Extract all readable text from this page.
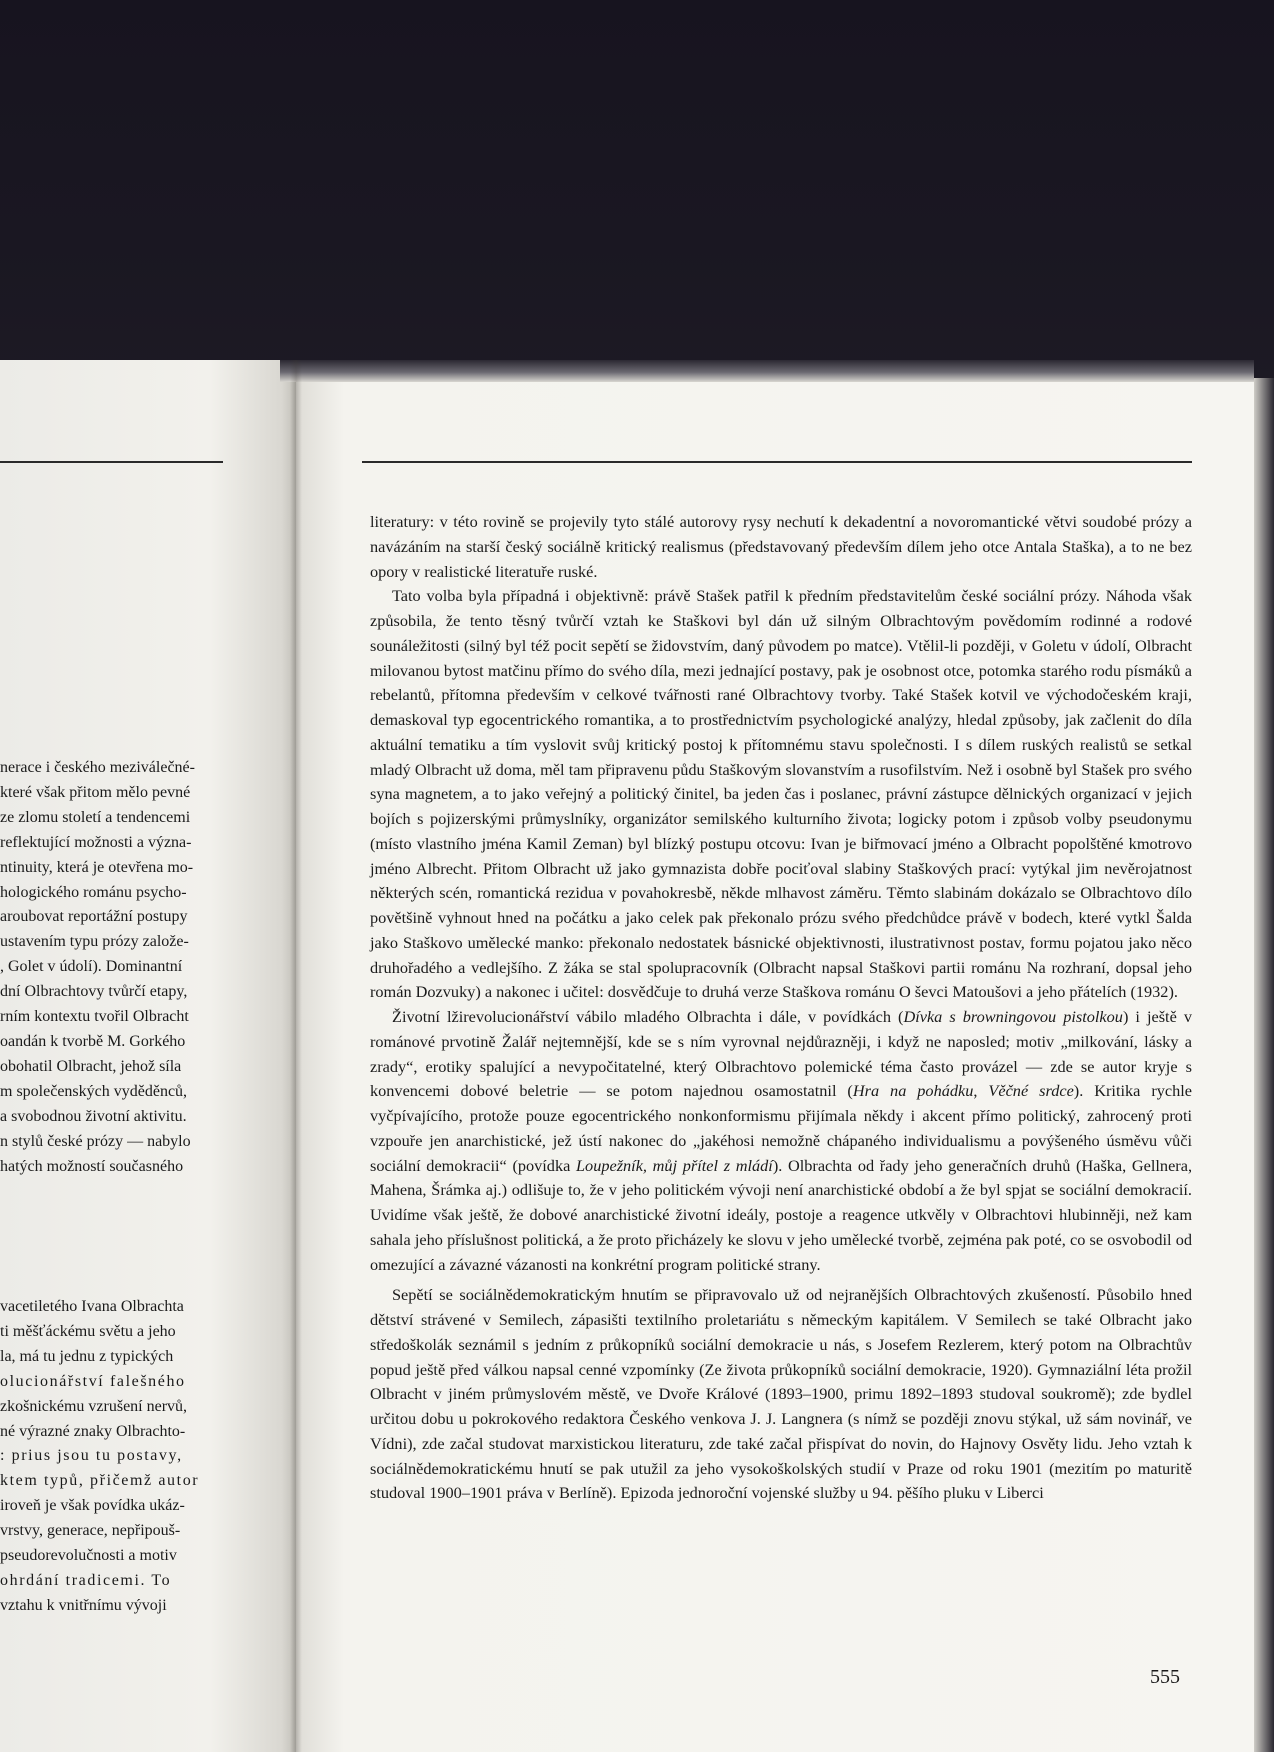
nerace i českého meziválečné-
které však přitom mělo pevné
ze zlomu století a tendencemi
reflektující možnosti a význa-
ntinuity, která je otevřena mo-
hologického románu psycho-
aroubovat reportážní postupy
ustavením typu prózy založe-
, Golet v údolí). Dominantní
dní Olbrachtovy tvůrčí etapy,
rním kontextu tvořil Olbracht
oandán k tvorbě M. Gorkého
obohatil Olbracht, jehož síla
m společenských vyděděnců,
a svobodnou životní aktivitu.
n stylů české prózy — nabylo
hatých možností současného
vacetiletého Ivana Olbrachta
ti měšťáckému světu a jeho
la, má tu jednu z typických
olucionářství falešného
zkošnickému vzrušení nervů,
né výrazné znaky Olbrachto-
: prius jsou tu postavy,
ktem typů, přičemž autor
iroveň je však povídka ukáz-
vrstvy, generace, nepřipouš-
pseudorevolučnosti a motiv
ohrdání tradicemi. To
vztahu k vnitřnímu vývoji

literatury: v této rovině se projevily tyto stálé autorovy rysy nechutí k dekadentní a novoromantické větvi soudobé prózy a navázáním na starší český sociálně kritický realismus (představovaný především dílem jeho otce Antala Staška), a to ne bez opory v realistické literatuře ruské.

Tato volba byla případná i objektivně: právě Stašek patřil k předním představitelům české sociální prózy. Náhoda však způsobila, že tento těsný tvůrčí vztah ke Staškovi byl dán už silným Olbrachtovým povědomím rodinné a rodové sounáležitosti (silný byl též pocit sepětí se židovstvím, daný původem po matce). Vtělil-li později, v Goletu v údolí, Olbracht milovanou bytost matčinu přímo do svého díla, mezi jednající postavy, pak je osobnost otce, potomka starého rodu písmáků a rebelantů, přítomna především v celkové tvářnosti rané Olbrachtovy tvorby. Také Stašek kotvil ve východočeském kraji, demaskoval typ egocentrického romantika, a to prostřednictvím psychologické analýzy, hledal způsoby, jak začlenit do díla aktuální tematiku a tím vyslovit svůj kritický postoj k přítomnému stavu společnosti. I s dílem ruských realistů se setkal mladý Olbracht už doma, měl tam připravenu půdu Staškovým slovanstvím a rusofilstvím. Než i osobně byl Stašek pro svého syna magnetem, a to jako veřejný a politický činitel, ba jeden čas i poslanec, právní zástupce dělnických organizací v jejich bojích s pojizerskými průmyslníky, organizátor semilského kulturního života; logicky potom i způsob volby pseudonymu (místo vlastního jména Kamil Zeman) byl blízký postupu otcovu: Ivan je biřmovací jméno a Olbracht popolštěné kmotrovo jméno Albrecht. Přitom Olbracht už jako gymnazista dobře pociťoval slabiny Staškových prací: vytýkal jim nevěrojatnost některých scén, romantická rezidua v povahokresbě, někde mlhavost záměru. Těmto slabinám dokázalo se Olbrachtovo dílo povětšině vyhnout hned na počátku a jako celek pak překonalo prózu svého předchůdce právě v bodech, které vytkl Šalda jako Staškovo umělecké manko: překonalo nedostatek básnické objektivnosti, ilustrativnost postav, formu pojatou jako něco druhořadého a vedlejšího. Z žáka se stal spolupracovník (Olbracht napsal Staškovi partii románu Na rozhraní, dopsal jeho román Dozvuky) a nakonec i učitel: dosvědčuje to druhá verze Staškova románu O ševci Matoušovi a jeho přátelích (1932).

Životní lžirevolucionářství vábilo mladého Olbrachta i dále, v povídkách (Dívka s browningovou pistolkou) i ještě v románové prvotině Žalář nejtemnější, kde se s ním vyrovnal nejdůrazněji, i když ne naposled; motiv „milkování, lásky a zrady“, erotiky spalující a nevypočitatelné, který Olbrachtovo polemické téma často provázel — zde se autor kryje s konvencemi dobové beletrie — se potom najednou osamostatnil (Hra na pohádku, Věčné srdce). Kritika rychle vyčpívajícího, protože pouze egocentrického nonkonformismu přijímala někdy i akcent přímo politický, zahrocený proti vzpouře jen anarchistické, jež ústí nakonec do „jakéhosi nemožně chápaného individualismu a povýšeného úsměvu vůči sociální demokracii“ (povídka Loupežník, můj přítel z mládí). Olbrachta od řady jeho generačních druhů (Haška, Gellnera, Mahena, Šrámka aj.) odlišuje to, že v jeho politickém vývoji není anarchistické období a že byl spjat se sociální demokracií. Uvidíme však ještě, že dobové anarchistické životní ideály, postoje a reagence utkvěly v Olbrachtovi hlubinněji, než kam sahala jeho příslušnost politická, a že proto přicházely ke slovu v jeho umělecké tvorbě, zejména pak poté, co se osvobodil od omezující a závazné vázanosti na konkrétní program politické strany.

Sepětí se sociálnědemokratickým hnutím se připravovalo už od nejranějších Olbrachtových zkušeností. Působilo hned dětství strávené v Semilech, zápasišti textilního proletariátu s německým kapitálem. V Semilech se také Olbracht jako středoškolák seznámil s jedním z průkopníků sociální demokracie u nás, s Josefem Rezlerem, který potom na Olbrachtův popud ještě před válkou napsal cenné vzpomínky (Ze života průkopníků sociální demokracie, 1920). Gymnaziální léta prožil Olbracht v jiném průmyslovém městě, ve Dvoře Králové (1893–1900, primu 1892–1893 studoval soukromě); zde bydlel určitou dobu u pokrokového redaktora Českého venkova J. J. Langnera (s nímž se později znovu stýkal, už sám novinář, ve Vídni), zde začal studovat marxistickou literaturu, zde také začal přispívat do novin, do Hajnovy Osvěty lidu. Jeho vztah k sociálnědemokratickému hnutí se pak utužil za jeho vysokoškolských studií v Praze od roku 1901 (mezitím po maturitě studoval 1900–1901 práva v Berlíně). Epizoda jednoroční vojenské služby u 94. pěšího pluku v Liberci

555
